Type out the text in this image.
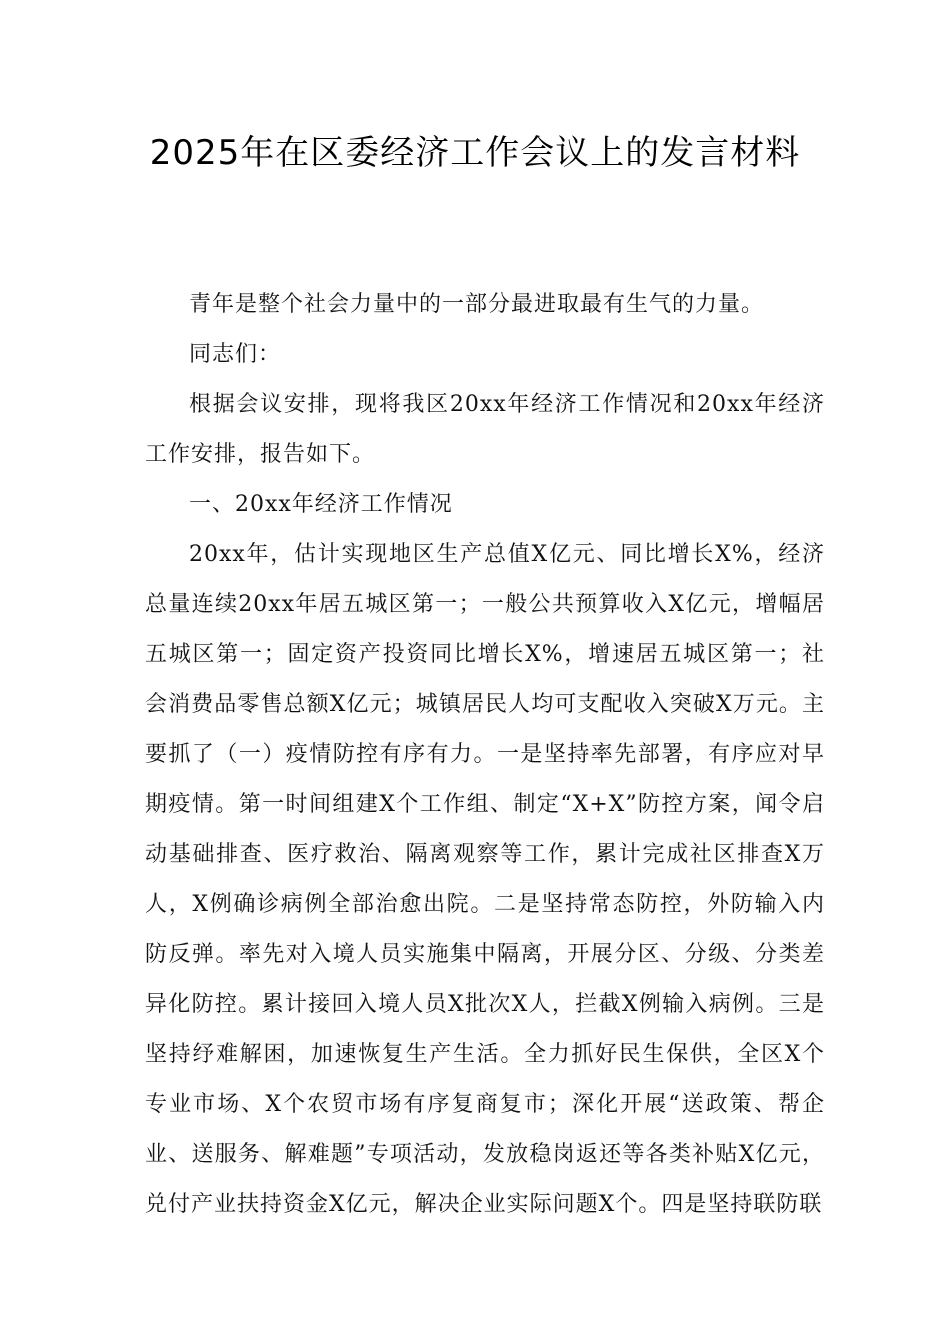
2025年在区委经济工作会议上的发言材料

青年是整个社会力量中的一部分最进取最有生气的力量。

同志们：

根据会议安排，现将我区20xx年经济工作情况和20xx年经济工作安排，报告如下。

一、20xx年经济工作情况

20xx年，估计实现地区生产总值X亿元、同比增长X%，经济总量连续20xx年居五城区第一；一般公共预算收入X亿元，增幅居五城区第一；固定资产投资同比增长X%，增速居五城区第一；社会消费品零售总额X亿元；城镇居民人均可支配收入突破X万元。主要抓了（一）疫情防控有序有力。一是坚持率先部署，有序应对早期疫情。第一时间组建X个工作组、制定“X+X”防控方案，闻令启动基础排查、医疗救治、隔离观察等工作，累计完成社区排查X万人，X例确诊病例全部治愈出院。二是坚持常态防控，外防输入内防反弹。率先对入境人员实施集中隔离，开展分区、分级、分类差异化防控。累计接回入境人员X批次X人，拦截X例输入病例。三是坚持纾难解困，加速恢复生产生活。全力抓好民生保供，全区X个专业市场、X个农贸市场有序复商复市；深化开展“送政策、帮企业、送服务、解难题”专项活动，发放稳岗返还等各类补贴X亿元，兑付产业扶持资金X亿元，解决企业实际问题X个。四是坚持联防联
